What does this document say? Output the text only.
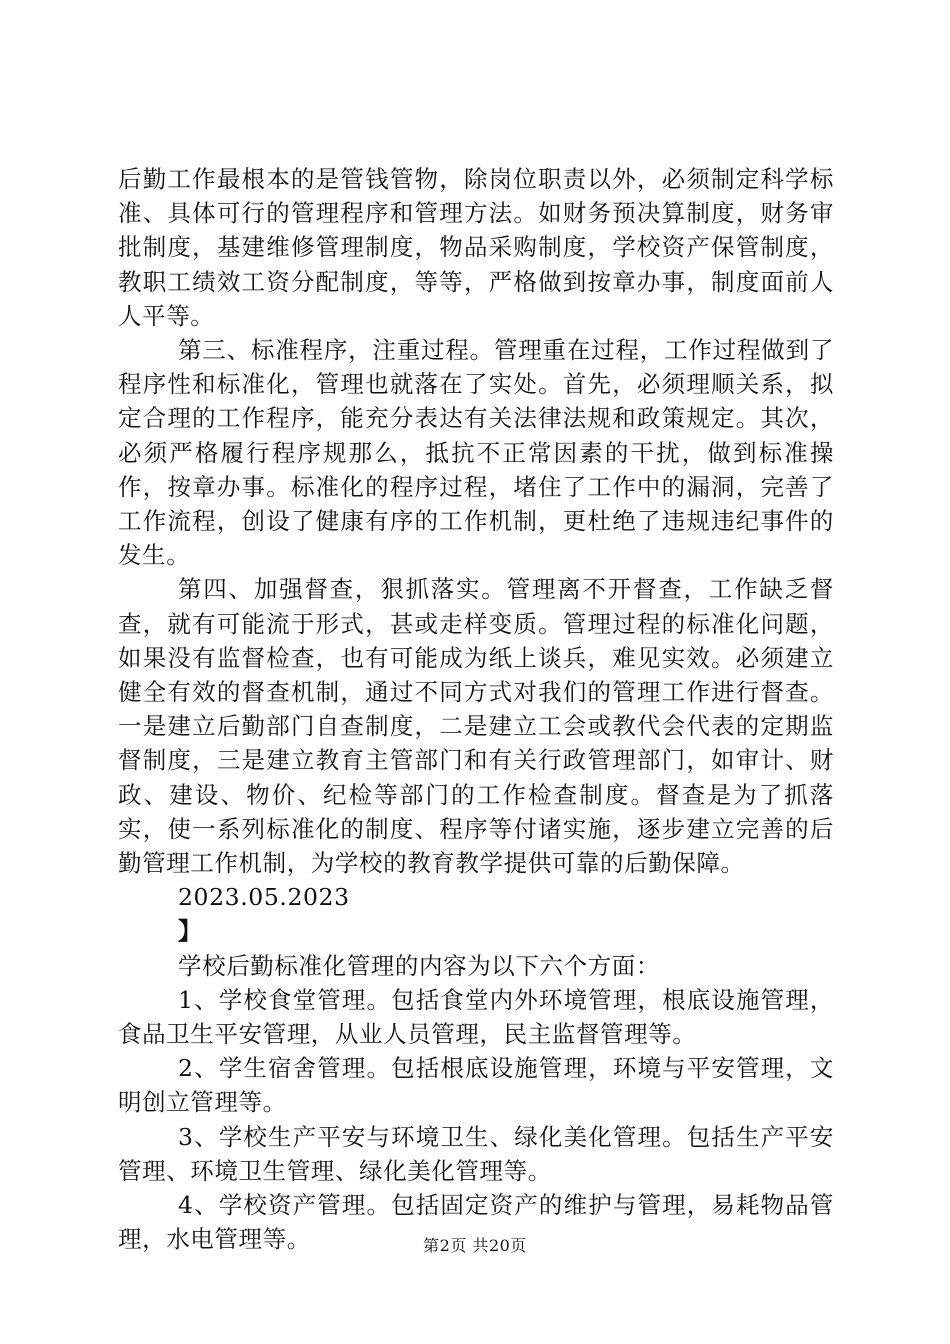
后勤工作最根本的是管钱管物，除岗位职责以外，必须制定科学标准、具体可行的管理程序和管理方法。如财务预决算制度，财务审批制度，基建维修管理制度，物品采购制度，学校资产保管制度，教职工绩效工资分配制度，等等，严格做到按章办事，制度面前人人平等。

第三、标准程序，注重过程。管理重在过程，工作过程做到了程序性和标准化，管理也就落在了实处。首先，必须理顺关系，拟定合理的工作程序，能充分表达有关法律法规和政策规定。其次，必须严格履行程序规那么，抵抗不正常因素的干扰，做到标准操作，按章办事。标准化的程序过程，堵住了工作中的漏洞，完善了工作流程，创设了健康有序的工作机制，更杜绝了违规违纪事件的发生。

第四、加强督查，狠抓落实。管理离不开督查，工作缺乏督查，就有可能流于形式，甚或走样变质。管理过程的标准化问题，如果没有监督检查，也有可能成为纸上谈兵，难见实效。必须建立健全有效的督查机制，通过不同方式对我们的管理工作进行督查。一是建立后勤部门自查制度，二是建立工会或教代会代表的定期监督制度，三是建立教育主管部门和有关行政管理部门，如审计、财政、建设、物价、纪检等部门的工作检查制度。督查是为了抓落实，使一系列标准化的制度、程序等付诸实施，逐步建立完善的后勤管理工作机制，为学校的教育教学提供可靠的后勤保障。

2023.05.2023

】

学校后勤标准化管理的内容为以下六个方面：

1、学校食堂管理。包括食堂内外环境管理，根底设施管理，食品卫生平安管理，从业人员管理，民主监督管理等。

2、学生宿舍管理。包括根底设施管理，环境与平安管理，文明创立管理等。

3、学校生产平安与环境卫生、绿化美化管理。包括生产平安管理、环境卫生管理、绿化美化管理等。

4、学校资产管理。包括固定资产的维护与管理，易耗物品管理，水电管理等。	第2页 共20页
